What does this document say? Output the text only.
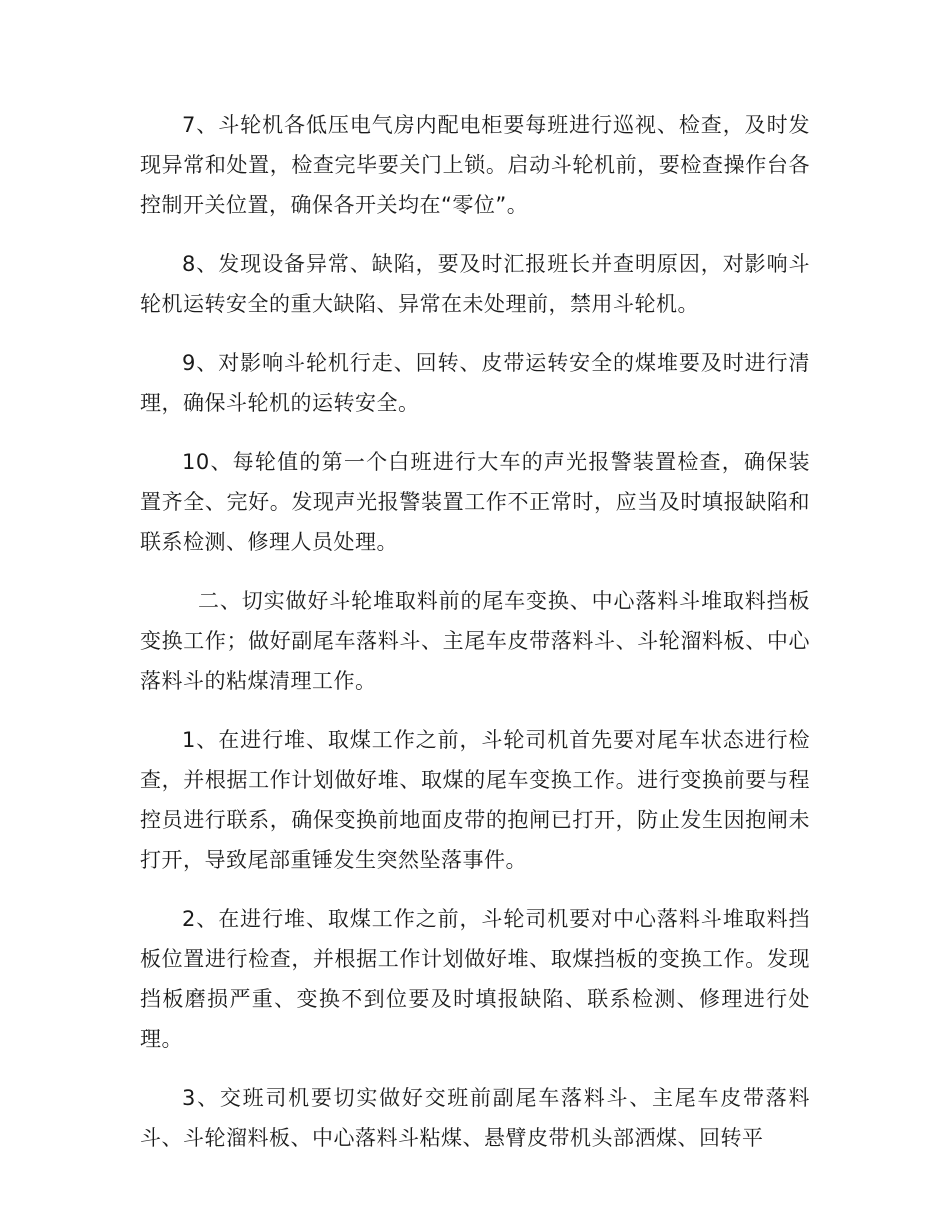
7、斗轮机各低压电气房内配电柜要每班进行巡视、检查，及时发现异常和处置，检查完毕要关门上锁。启动斗轮机前，要检查操作台各控制开关位置，确保各开关均在“零位”。

8、发现设备异常、缺陷，要及时汇报班长并查明原因，对影响斗轮机运转安全的重大缺陷、异常在未处理前，禁用斗轮机。

9、对影响斗轮机行走、回转、皮带运转安全的煤堆要及时进行清理，确保斗轮机的运转安全。

10、每轮值的第一个白班进行大车的声光报警装置检查，确保装置齐全、完好。发现声光报警装置工作不正常时，应当及时填报缺陷和联系检测、修理人员处理。

二、切实做好斗轮堆取料前的尾车变换、中心落料斗堆取料挡板变换工作；做好副尾车落料斗、主尾车皮带落料斗、斗轮溜料板、中心落料斗的粘煤清理工作。

1、在进行堆、取煤工作之前，斗轮司机首先要对尾车状态进行检查，并根据工作计划做好堆、取煤的尾车变换工作。进行变换前要与程控员进行联系，确保变换前地面皮带的抱闸已打开，防止发生因抱闸未打开，导致尾部重锤发生突然坠落事件。

2、在进行堆、取煤工作之前，斗轮司机要对中心落料斗堆取料挡板位置进行检查，并根据工作计划做好堆、取煤挡板的变换工作。发现挡板磨损严重、变换不到位要及时填报缺陷、联系检测、修理进行处理。

3、交班司机要切实做好交班前副尾车落料斗、主尾车皮带落料斗、斗轮溜料板、中心落料斗粘煤、悬臂皮带机头部洒煤、回转平
